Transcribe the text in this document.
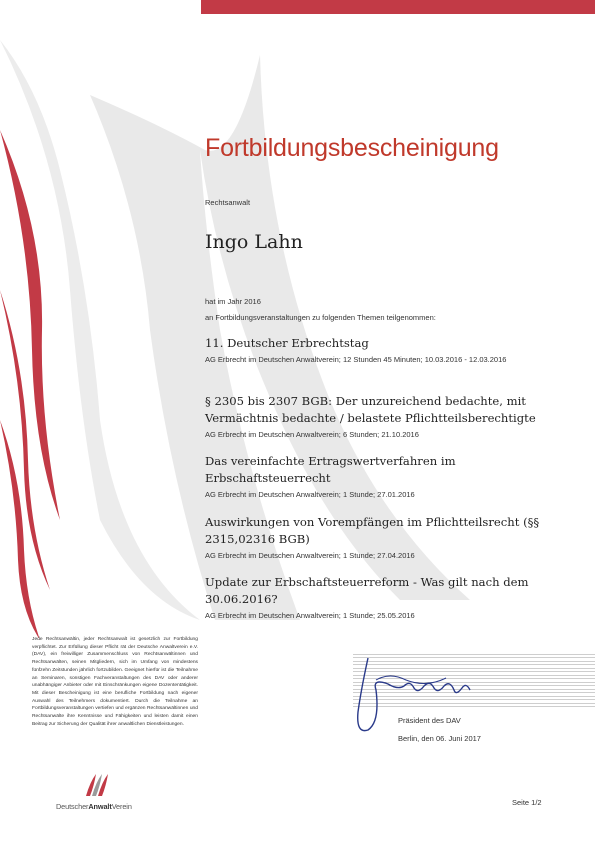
Fortbildungsbescheinigung
Rechtsanwalt
Ingo Lahn
hat im Jahr 2016
an Fortbildungsveranstaltungen zu folgenden Themen teilgenommen:
11. Deutscher Erbrechtstag
AG Erbrecht im Deutschen Anwaltverein; 12 Stunden 45 Minuten; 10.03.2016 - 12.03.2016
§ 2305 bis 2307 BGB: Der unzureichend bedachte, mit Vermächtnis bedachte / belastete Pflichtteilsberechtigte
AG Erbrecht im Deutschen Anwaltverein; 6 Stunden; 21.10.2016
Das vereinfachte Ertragswertverfahren im Erbschaftsteuerrecht
AG Erbrecht im Deutschen Anwaltverein; 1 Stunde; 27.01.2016
Auswirkungen von Vorempfängen im Pflichtteilsrecht (§§ 2315,02316 BGB)
AG Erbrecht im Deutschen Anwaltverein; 1 Stunde; 27.04.2016
Update zur Erbschaftsteuerreform - Was gilt nach dem 30.06.2016?
AG Erbrecht im Deutschen Anwaltverein; 1 Stunde; 25.05.2016
Jede Rechtsanwältin, jeder Rechtsanwalt ist gesetzlich zur Fortbildung verpflichtet. Zur Erfüllung dieser Pflicht rät der Deutsche Anwaltverein e.V. (DAV), ein freiwilliger Zusammenschluss von Rechtsanwältinnen und Rechtsanwälten, seinen Mitgliedern, sich im Umfang von mindestens fünfzehn Zeitstunden jährlich fortzubilden. Geeignet hierfür ist die Teilnahme an Seminaren, sonstigen Fachveranstaltungen des DAV oder anderer unabhängiger Anbieter oder mit Einschränkungen eigene Dozententätigkeit. Mit dieser Bescheinigung ist eine berufliche Fortbildung nach eigener Auswahl des Teilnehmers dokumentiert. Durch die Teilnahme an Fortbildungsveranstaltungen vertiefen und ergänzen Rechtsanwältinnen und Rechtsanwälte ihre Kenntnisse und Fähigkeiten und leisten damit einen Beitrag zur Sicherung der Qualität ihrer anwaltlichen Dienstleistungen.	Präsident des DAV
Berlin, den 06. Juni 2017
DeutscherAnwaltVerein	Seite 1/2
